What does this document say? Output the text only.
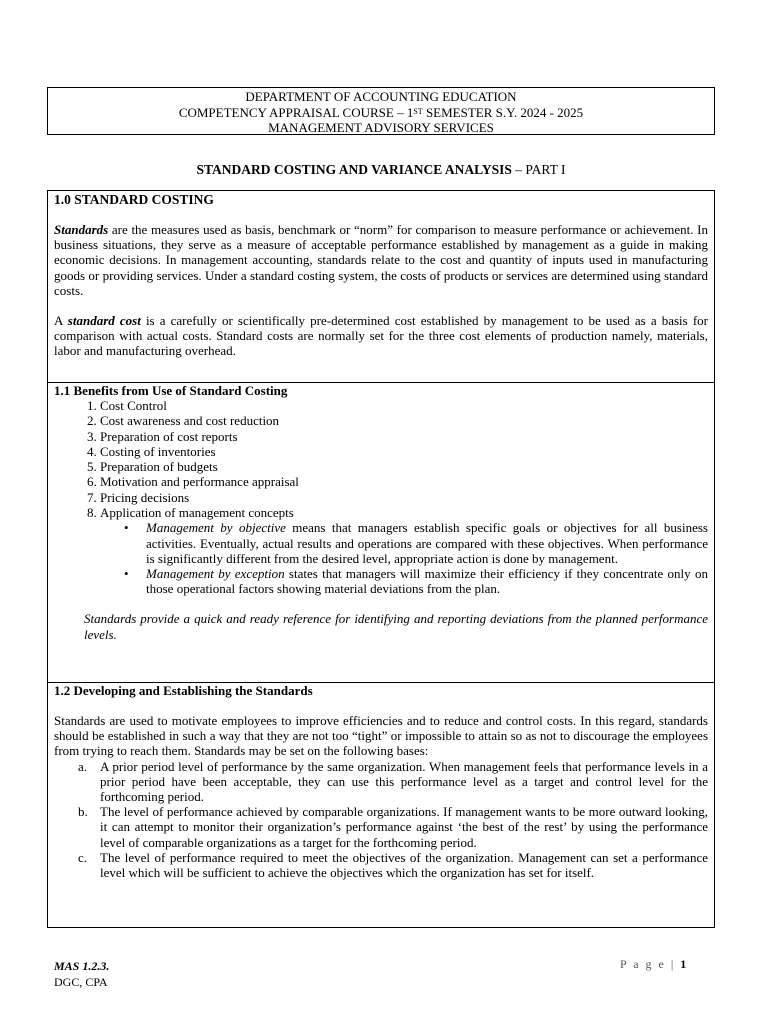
DEPARTMENT OF ACCOUNTING EDUCATION
COMPETENCY APPRAISAL COURSE – 1ST SEMESTER S.Y. 2024 - 2025
MANAGEMENT ADVISORY SERVICES
STANDARD COSTING AND VARIANCE ANALYSIS – PART I
1.0 STANDARD COSTING

Standards are the measures used as basis, benchmark or “norm” for comparison to measure performance or achievement. In business situations, they serve as a measure of acceptable performance established by management as a guide in making economic decisions. In management accounting, standards relate to the cost and quantity of inputs used in manufacturing goods or providing services. Under a standard costing system, the costs of products or services are determined using standard costs.

A standard cost is a carefully or scientifically pre-determined cost established by management to be used as a basis for comparison with actual costs. Standard costs are normally set for the three cost elements of production namely, materials, labor and manufacturing overhead.

1.1 Benefits from Use of Standard Costing
1. Cost Control
2. Cost awareness and cost reduction
3. Preparation of cost reports
4. Costing of inventories
5. Preparation of budgets
6. Motivation and performance appraisal
7. Pricing decisions
8. Application of management concepts
• Management by objective means that managers establish specific goals or objectives for all business activities. Eventually, actual results and operations are compared with these objectives. When performance is significantly different from the desired level, appropriate action is done by management.
• Management by exception states that managers will maximize their efficiency if they concentrate only on those operational factors showing material deviations from the plan.
Standards provide a quick and ready reference for identifying and reporting deviations from the planned performance levels.
1.2 Developing and Establishing the Standards

Standards are used to motivate employees to improve efficiencies and to reduce and control costs. In this regard, standards should be established in such a way that they are not too “tight” or impossible to attain so as not to discourage the employees from trying to reach them. Standards may be set on the following bases:

a. A prior period level of performance by the same organization. When management feels that performance levels in a prior period have been acceptable, they can use this performance level as a target and control level for the forthcoming period.
b. The level of performance achieved by comparable organizations. If management wants to be more outward looking, it can attempt to monitor their organization’s performance against ‘the best of the rest’ by using the performance level of comparable organizations as a target for the forthcoming period.
c. The level of performance required to meet the objectives of the organization. Management can set a performance level which will be sufficient to achieve the objectives which the organization has set for itself.
MAS 1.2.3.
DGC, CPA
P a g e | 1
